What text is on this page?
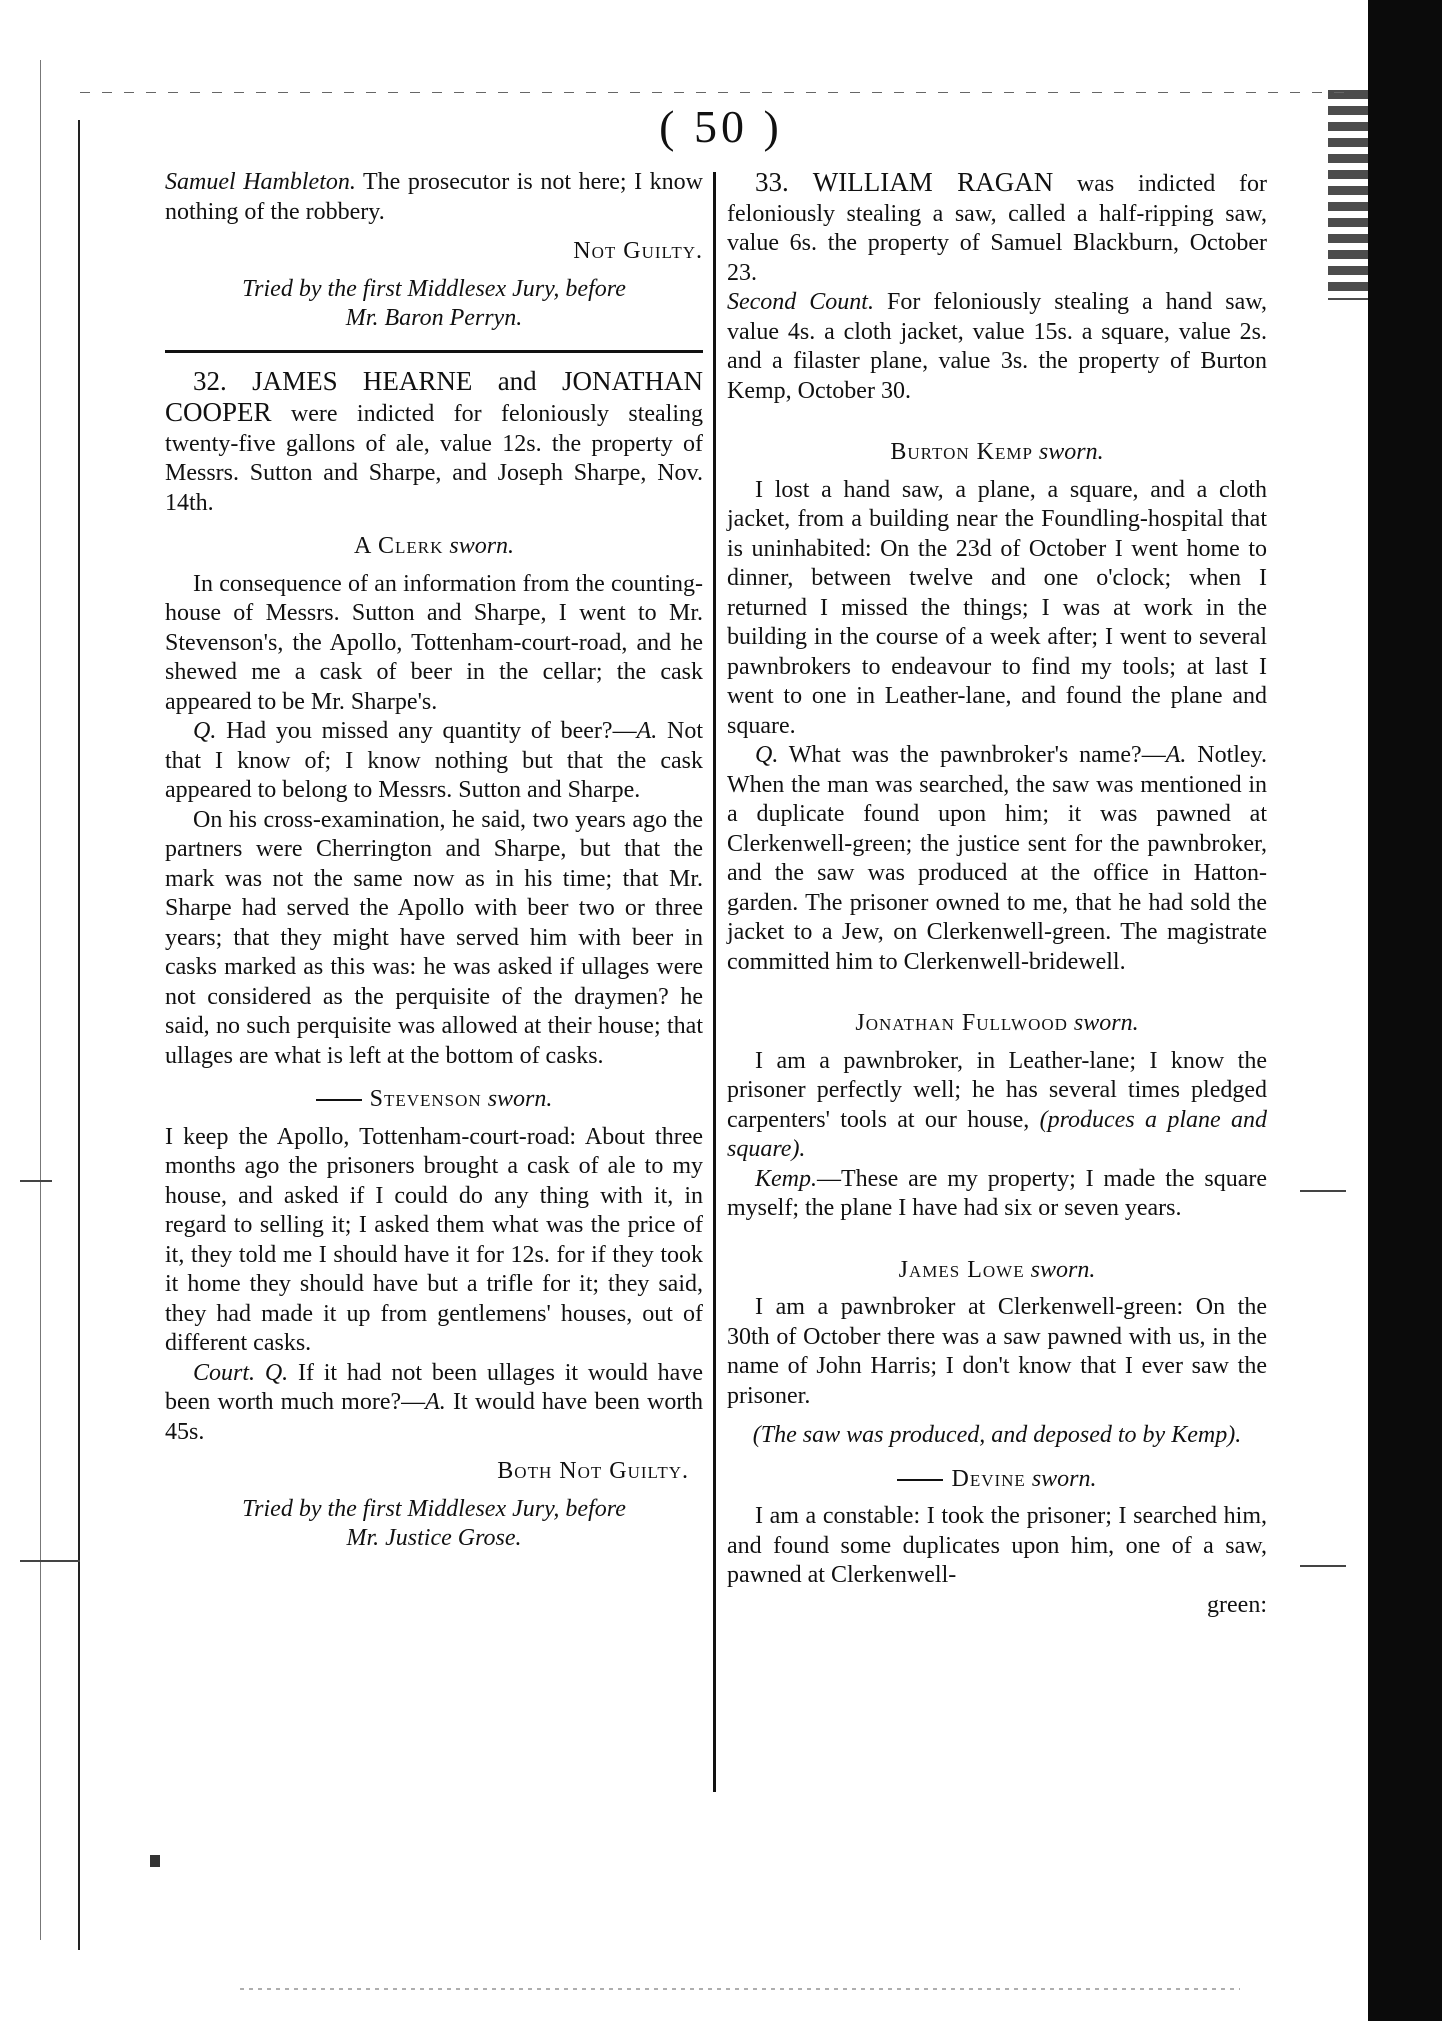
( 50 )

Samuel Hambleton. The prosecutor is not here; I know nothing of the robbery.

Not Guilty.

Tried by the first Middlesex Jury, before

Mr. Baron Perryn.

32. JAMES HEARNE and JONATHAN COOPER were indicted for feloniously stealing twenty-five gallons of ale, value 12s. the property of Messrs. Sutton and Sharpe, and Joseph Sharpe, Nov. 14th.

A Clerk sworn.

In consequence of an information from the counting-house of Messrs. Sutton and Sharpe, I went to Mr. Stevenson's, the Apollo, Tottenham-court-road, and he shewed me a cask of beer in the cellar; the cask appeared to be Mr. Sharpe's.

Q. Had you missed any quantity of beer?—A. Not that I know of; I know nothing but that the cask appeared to belong to Messrs. Sutton and Sharpe.

On his cross-examination, he said, two years ago the partners were Cherrington and Sharpe, but that the mark was not the same now as in his time; that Mr. Sharpe had served the Apollo with beer two or three years; that they might have served him with beer in casks marked as this was: he was asked if ullages were not considered as the perquisite of the draymen? he said, no such perquisite was allowed at their house; that ullages are what is left at the bottom of casks.

Stevenson sworn.

I keep the Apollo, Tottenham-court-road: About three months ago the prisoners brought a cask of ale to my house, and asked if I could do any thing with it, in regard to selling it; I asked them what was the price of it, they told me I should have it for 12s. for if they took it home they should have but a trifle for it; they said, they had made it up from gentlemens' houses, out of different casks.

Court. Q. If it had not been ullages it would have been worth much more?—A. It would have been worth 45s.

Both Not Guilty.

Tried by the first Middlesex Jury, before

Mr. Justice Grose.

33. WILLIAM RAGAN was indicted for feloniously stealing a saw, called a half-ripping saw, value 6s. the property of Samuel Blackburn, October 23.

Second Count. For feloniously stealing a hand saw, value 4s. a cloth jacket, value 15s. a square, value 2s. and a filaster plane, value 3s. the property of Burton Kemp, October 30.

Burton Kemp sworn.

I lost a hand saw, a plane, a square, and a cloth jacket, from a building near the Foundling-hospital that is uninhabited: On the 23d of October I went home to dinner, between twelve and one o'clock; when I returned I missed the things; I was at work in the building in the course of a week after; I went to several pawnbrokers to endeavour to find my tools; at last I went to one in Leather-lane, and found the plane and square.

Q. What was the pawnbroker's name?—A. Notley. When the man was searched, the saw was mentioned in a duplicate found upon him; it was pawned at Clerkenwell-green; the justice sent for the pawnbroker, and the saw was produced at the office in Hatton-garden. The prisoner owned to me, that he had sold the jacket to a Jew, on Clerkenwell-green. The magistrate committed him to Clerkenwell-bridewell.

Jonathan Fullwood sworn.

I am a pawnbroker, in Leather-lane; I know the prisoner perfectly well; he has several times pledged carpenters' tools at our house, (produces a plane and square).

Kemp.—These are my property; I made the square myself; the plane I have had six or seven years.

James Lowe sworn.

I am a pawnbroker at Clerkenwell-green: On the 30th of October there was a saw pawned with us, in the name of John Harris; I don't know that I ever saw the prisoner.

(The saw was produced, and deposed to by Kemp).

Devine sworn.

I am a constable: I took the prisoner; I searched him, and found some duplicates upon him, one of a saw, pawned at Clerkenwell-

green:
